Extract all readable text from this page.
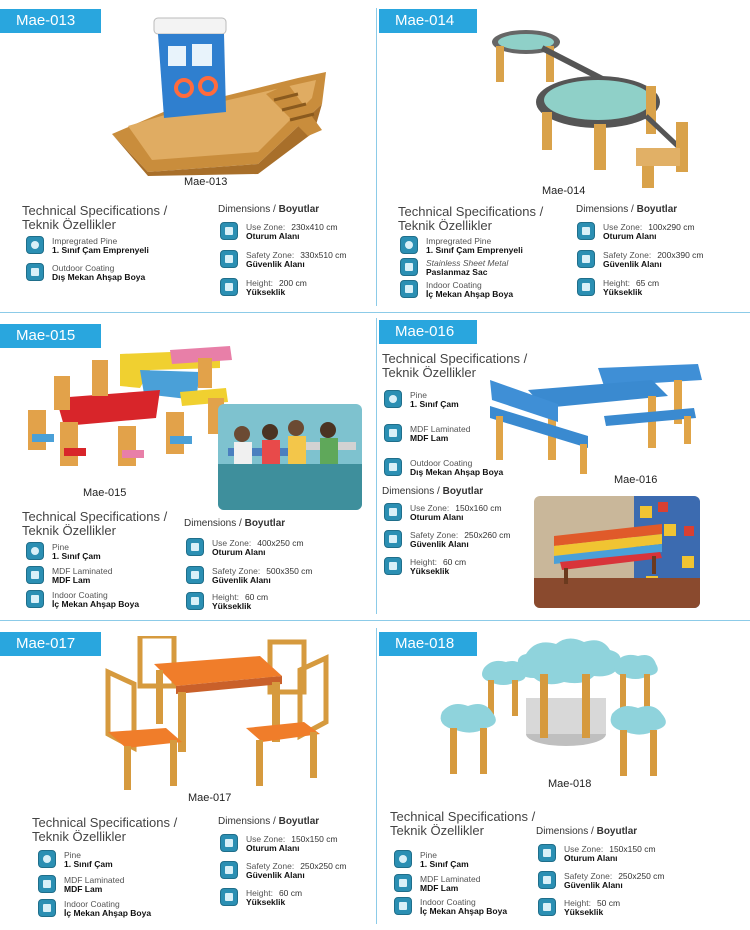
Mae-013
Mae-013
Technical Specifications /
Teknik Özellikler
Impregrated Pine
1. Sınıf Çam Emprenyeli
Outdoor Coating
Dış Mekan Ahşap Boya
Dimensions / Boyutlar
Use Zone: 230x410 cm
Oturum Alanı
Safety Zone: 330x510 cm
Güvenlik Alanı
Height: 200 cm
Yükseklik
Mae-014
Mae-014
Technical Specifications /
Teknik Özellikler
Impregrated Pine
1. Sınıf Çam Emprenyeli
Stainless Sheet Metal
Paslanmaz Sac
Indoor Coating
İç Mekan Ahşap Boya
Dimensions / Boyutlar
Use Zone: 100x290 cm
Oturum Alanı
Safety Zone: 200x390 cm
Güvenlik Alanı
Height: 65 cm
Yükseklik
Mae-015
Mae-015
Technical Specifications /
Teknik Özellikler
Pine
1. Sınıf Çam
MDF Laminated
MDF Lam
Indoor Coating
İç Mekan Ahşap Boya
Dimensions / Boyutlar
Use Zone: 400x250 cm
Oturum Alanı
Safety Zone: 500x350 cm
Güvenlik Alanı
Height: 60 cm
Yükseklik
Mae-016
Technical Specifications /
Teknik Özellikler
Mae-016
Pine
1. Sınıf Çam
MDF Laminated
MDF Lam
Outdoor Coating
Dış Mekan Ahşap Boya
Dimensions / Boyutlar
Use Zone: 150x160 cm
Oturum Alanı
Safety Zone: 250x260 cm
Güvenlik Alanı
Height: 60 cm
Yükseklik
Mae-017
Mae-017
Technical Specifications /
Teknik Özellikler
Pine
1. Sınıf Çam
MDF Laminated
MDF Lam
Indoor Coating
İç Mekan Ahşap Boya
Dimensions / Boyutlar
Use Zone: 150x150 cm
Oturum Alanı
Safety Zone: 250x250 cm
Güvenlik Alanı
Height: 60 cm
Yükseklik
Mae-018
Mae-018
Technical Specifications /
Teknik Özellikler
Pine
1. Sınıf Çam
MDF Laminated
MDF Lam
Indoor Coating
İç Mekan Ahşap Boya
Dimensions / Boyutlar
Use Zone: 150x150 cm
Oturum Alanı
Safety Zone: 250x250 cm
Güvenlik Alanı
Height: 50 cm
Yükseklik
